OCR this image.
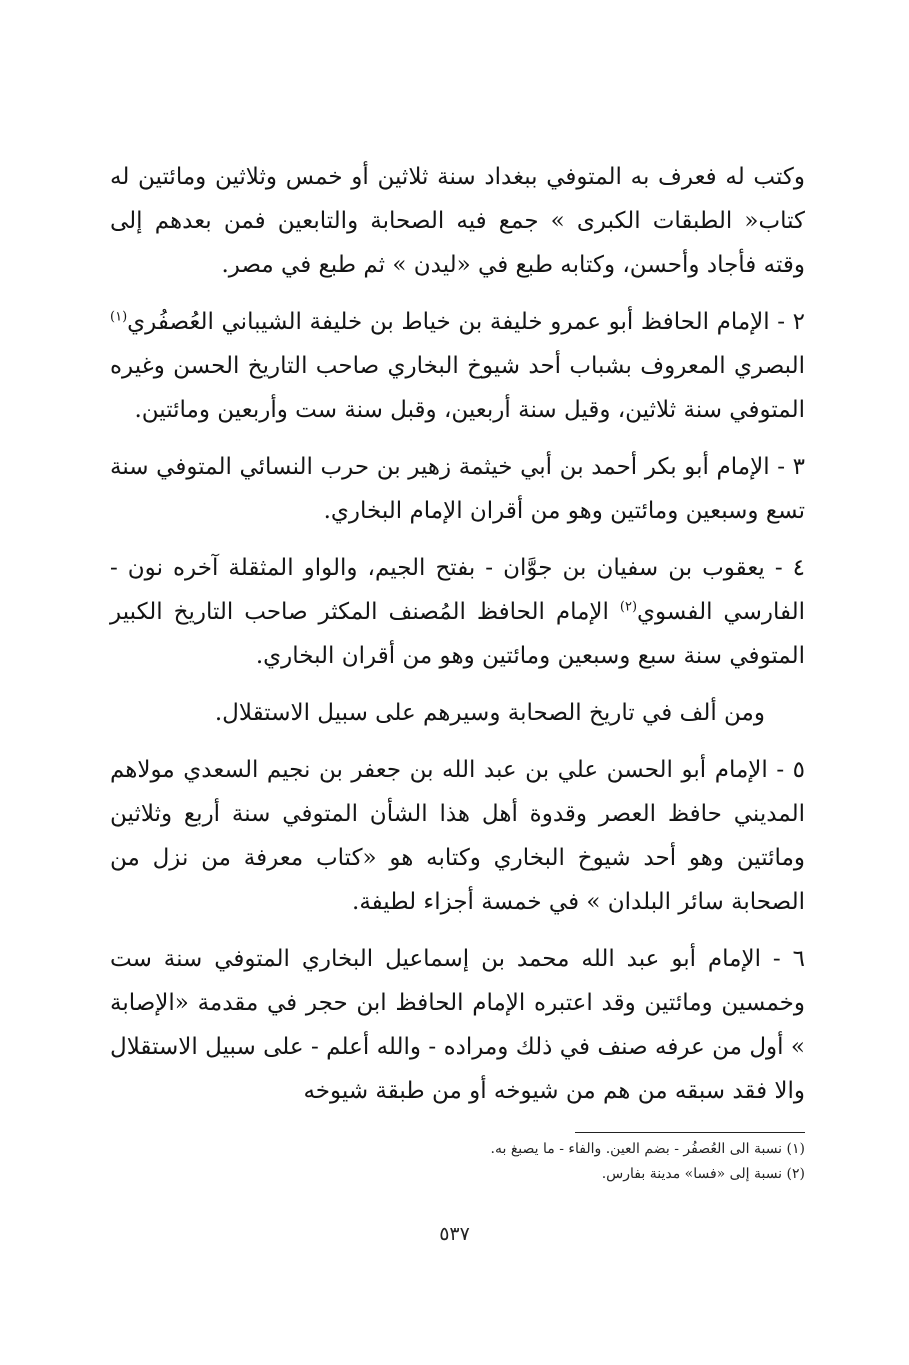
وكتب له فعرف به المتوفي ببغداد سنة ثلاثين أو خمس وثلاثين ومائتين له كتاب« الطبقات الكبرى » جمع فيه الصحابة والتابعين فمن بعدهم إلى وقته فأجاد وأحسن، وكتابه طبع في «ليدن » ثم طبع في مصر.

٢ - الإمام الحافظ أبو عمرو خليفة بن خياط بن خليفة الشيباني العُصفُري$^{(١)}$ البصري المعروف بشباب أحد شيوخ البخاري صاحب التاريخ الحسن وغيره المتوفي سنة ثلاثين، وقيل سنة أربعين، وقبل سنة ست وأربعين ومائتين.

٣ - الإمام أبو بكر أحمد بن أبي خيثمة زهير بن حرب النسائي المتوفي سنة تسع وسبعين ومائتين وهو من أقران الإمام البخاري.

٤ - يعقوب بن سفيان بن جوَّان - بفتح الجيم، والواو المثقلة آخره نون - الفارسي الفسوي$^{(٢)}$ الإمام الحافظ المُصنف المكثر صاحب التاريخ الكبير المتوفي سنة سبع وسبعين ومائتين وهو من أقران البخاري.

ومن ألف في تاريخ الصحابة وسيرهم على سبيل الاستقلال.

٥ - الإمام أبو الحسن علي بن عبد الله بن جعفر بن نجيم السعدي مولاهم المديني حافظ العصر وقدوة أهل هذا الشأن المتوفي سنة أربع وثلاثين ومائتين وهو أحد شيوخ البخاري وكتابه هو «كتاب معرفة من نزل من الصحابة سائر البلدان » في خمسة أجزاء لطيفة.

٦ - الإمام أبو عبد الله محمد بن إسماعيل البخاري المتوفي سنة ست وخمسين ومائتين وقد اعتبره الإمام الحافظ ابن حجر في مقدمة «الإصابة » أول من عرفه صنف في ذلك ومراده - والله أعلم - على سبيل الاستقلال والا فقد سبقه من هم من شيوخه أو من طبقة شيوخه

(١) نسبة الى العُصفُر - بضم العين. والفاء - ما يصبغ به.
(٢) نسبة إلى «فسا» مدينة بفارس.
٥٣٧
